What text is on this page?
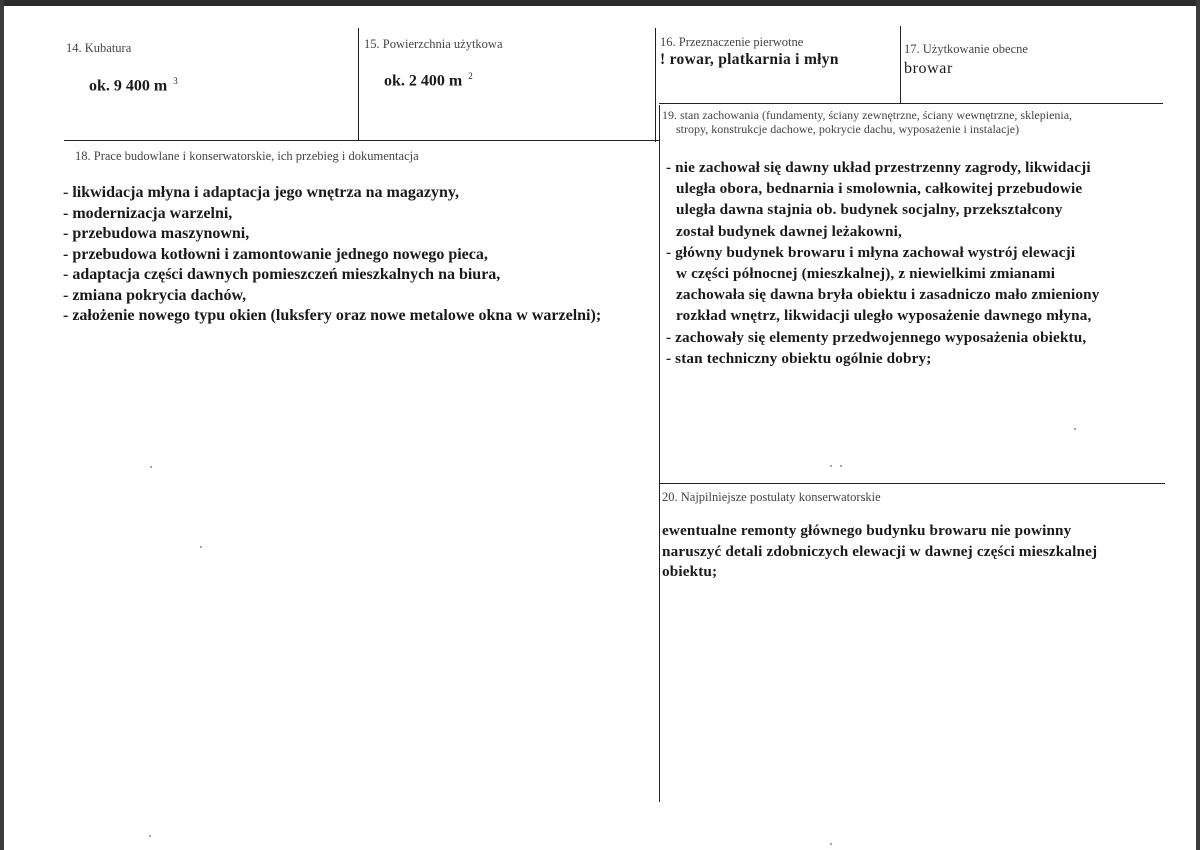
14. Kubatura
ok. 9 400 m $^3$
15. Powierzchnia użytkowa
ok. 2 400 m $^2$
16. Przeznaczenie pierwotne
! rowar, platkarnia i młyn
17. Użytkowanie obecne
browar
19. stan zachowania (fundamenty, ściany zewnętrzne, ściany wewnętrzne, sklepienia,
stropy, konstrukcje dachowe, pokrycie dachu, wyposażenie i instalacje)
- nie zachował się dawny układ przestrzenny zagrody, likwidacji
uległa obora, bednarnia i smolownia, całkowitej przebudowie
uległa dawna stajnia ob. budynek socjalny, przekształcony
został budynek dawnej leżakowni,
- główny budynek browaru i młyna zachował wystrój elewacji
w części północnej (mieszkalnej), z niewielkimi zmianami
zachowała się dawna bryła obiektu i zasadniczo mało zmieniony
rozkład wnętrz, likwidacji uległo wyposażenie dawnego młyna,
- zachowały się elementy przedwojennego wyposażenia obiektu,
- stan techniczny obiektu ogólnie dobry;
18. Prace budowlane i konserwatorskie, ich przebieg i dokumentacja
- likwidacja młyna i adaptacja jego wnętrza na magazyny,
- modernizacja warzelni,
- przebudowa maszynowni,
- przebudowa kotłowni i zamontowanie jednego nowego pieca,
- adaptacja części dawnych pomieszczeń mieszkalnych na biura,
- zmiana pokrycia dachów,
- założenie nowego typu okien (luksfery oraz nowe metalowe okna w warzelni);
20. Najpilniejsze postulaty konserwatorskie
ewentualne remonty głównego budynku browaru nie powinny
naruszyć detali zdobniczych elewacji w dawnej części mieszkalnej
obiektu;
